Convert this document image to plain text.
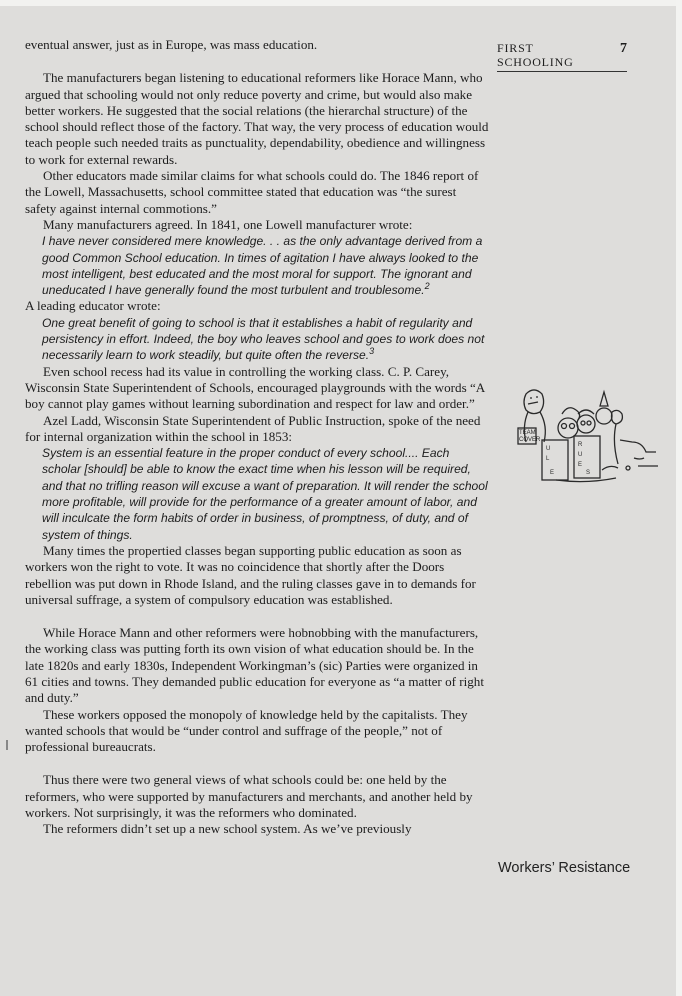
FIRST
SCHOOLING
7

eventual answer, just as in Europe, was mass education.

The manufacturers began listening to educational reformers like Horace Mann, who argued that schooling would not only reduce poverty and crime, but would also make better workers. He suggested that the social relations (the hierarchal structure) of the school should reflect those of the factory. That way, the very process of education would teach people such needed traits as punctuality, dependability, obedience and willingness to work for external rewards.

Other educators made similar claims for what schools could do. The 1846 report of the Lowell, Massachusetts, school committee stated that education was “the surest safety against internal commotions.”

Many manufacturers agreed. In 1841, one Lowell manufacturer wrote:

I have never considered mere knowledge. . . as the only advantage derived from a good Common School education. In times of agitation I have always looked to the most intelligent, best educated and the most moral for support. The ignorant and uneducated I have generally found the most turbulent and troublesome.$^2$

A leading educator wrote:

One great benefit of going to school is that it establishes a habit of regularity and persistency in effort. Indeed, the boy who leaves school and goes to work does not necessarily learn to work steadily, but quite often the reverse.$^3$

Even school recess had its value in controlling the working class. C. P. Carey, Wisconsin State Superintendent of Schools, encouraged playgrounds with the words “A boy cannot play games without learning subordination and respect for law and order.”

Azel Ladd, Wisconsin State Superintendent of Public Instruction, spoke of the need for internal organization within the school in 1853:

System is an essential feature in the proper conduct of every school.... Each scholar [should] be able to know the exact time when his lesson will be required, and that no trifling reason will excuse a want of preparation. It will render the school more profitable, will provide for the performance of a greater amount of labor, and will inculcate the form habits of order in business, of promptness, of duty, and of system of things.

Many times the propertied classes began supporting public education as soon as workers won the right to vote. It was no coincidence that shortly after the Doors rebellion was put down in Rhode Island, and the ruling classes gave in to demands for universal suffrage, a system of compulsory education was established.

While Horace Mann and other reformers were hobnobbing with the manufacturers, the working class was putting forth its own vision of what education should be. In the late 1820s and early 1830s, Independent Workingman’s (sic) Parties were organized in 61 cities and towns. They demanded public education for everyone as “a matter of right and duty.”

These workers opposed the monopoly of knowledge held by the capitalists. They wanted schools that would be “under control and suffrage of the people,” not of professional bureaucrats.

Thus there were two general views of what schools could be: one held by the reformers, who were supported by manufacturers and merchants, and another held by workers. Not surprisingly, it was the reformers who dominated.

The reformers didn’t set up a new school system. As we’ve previously

TEAM
COVER
U
L
E
R
U
E
S
Workers’ Resistance
